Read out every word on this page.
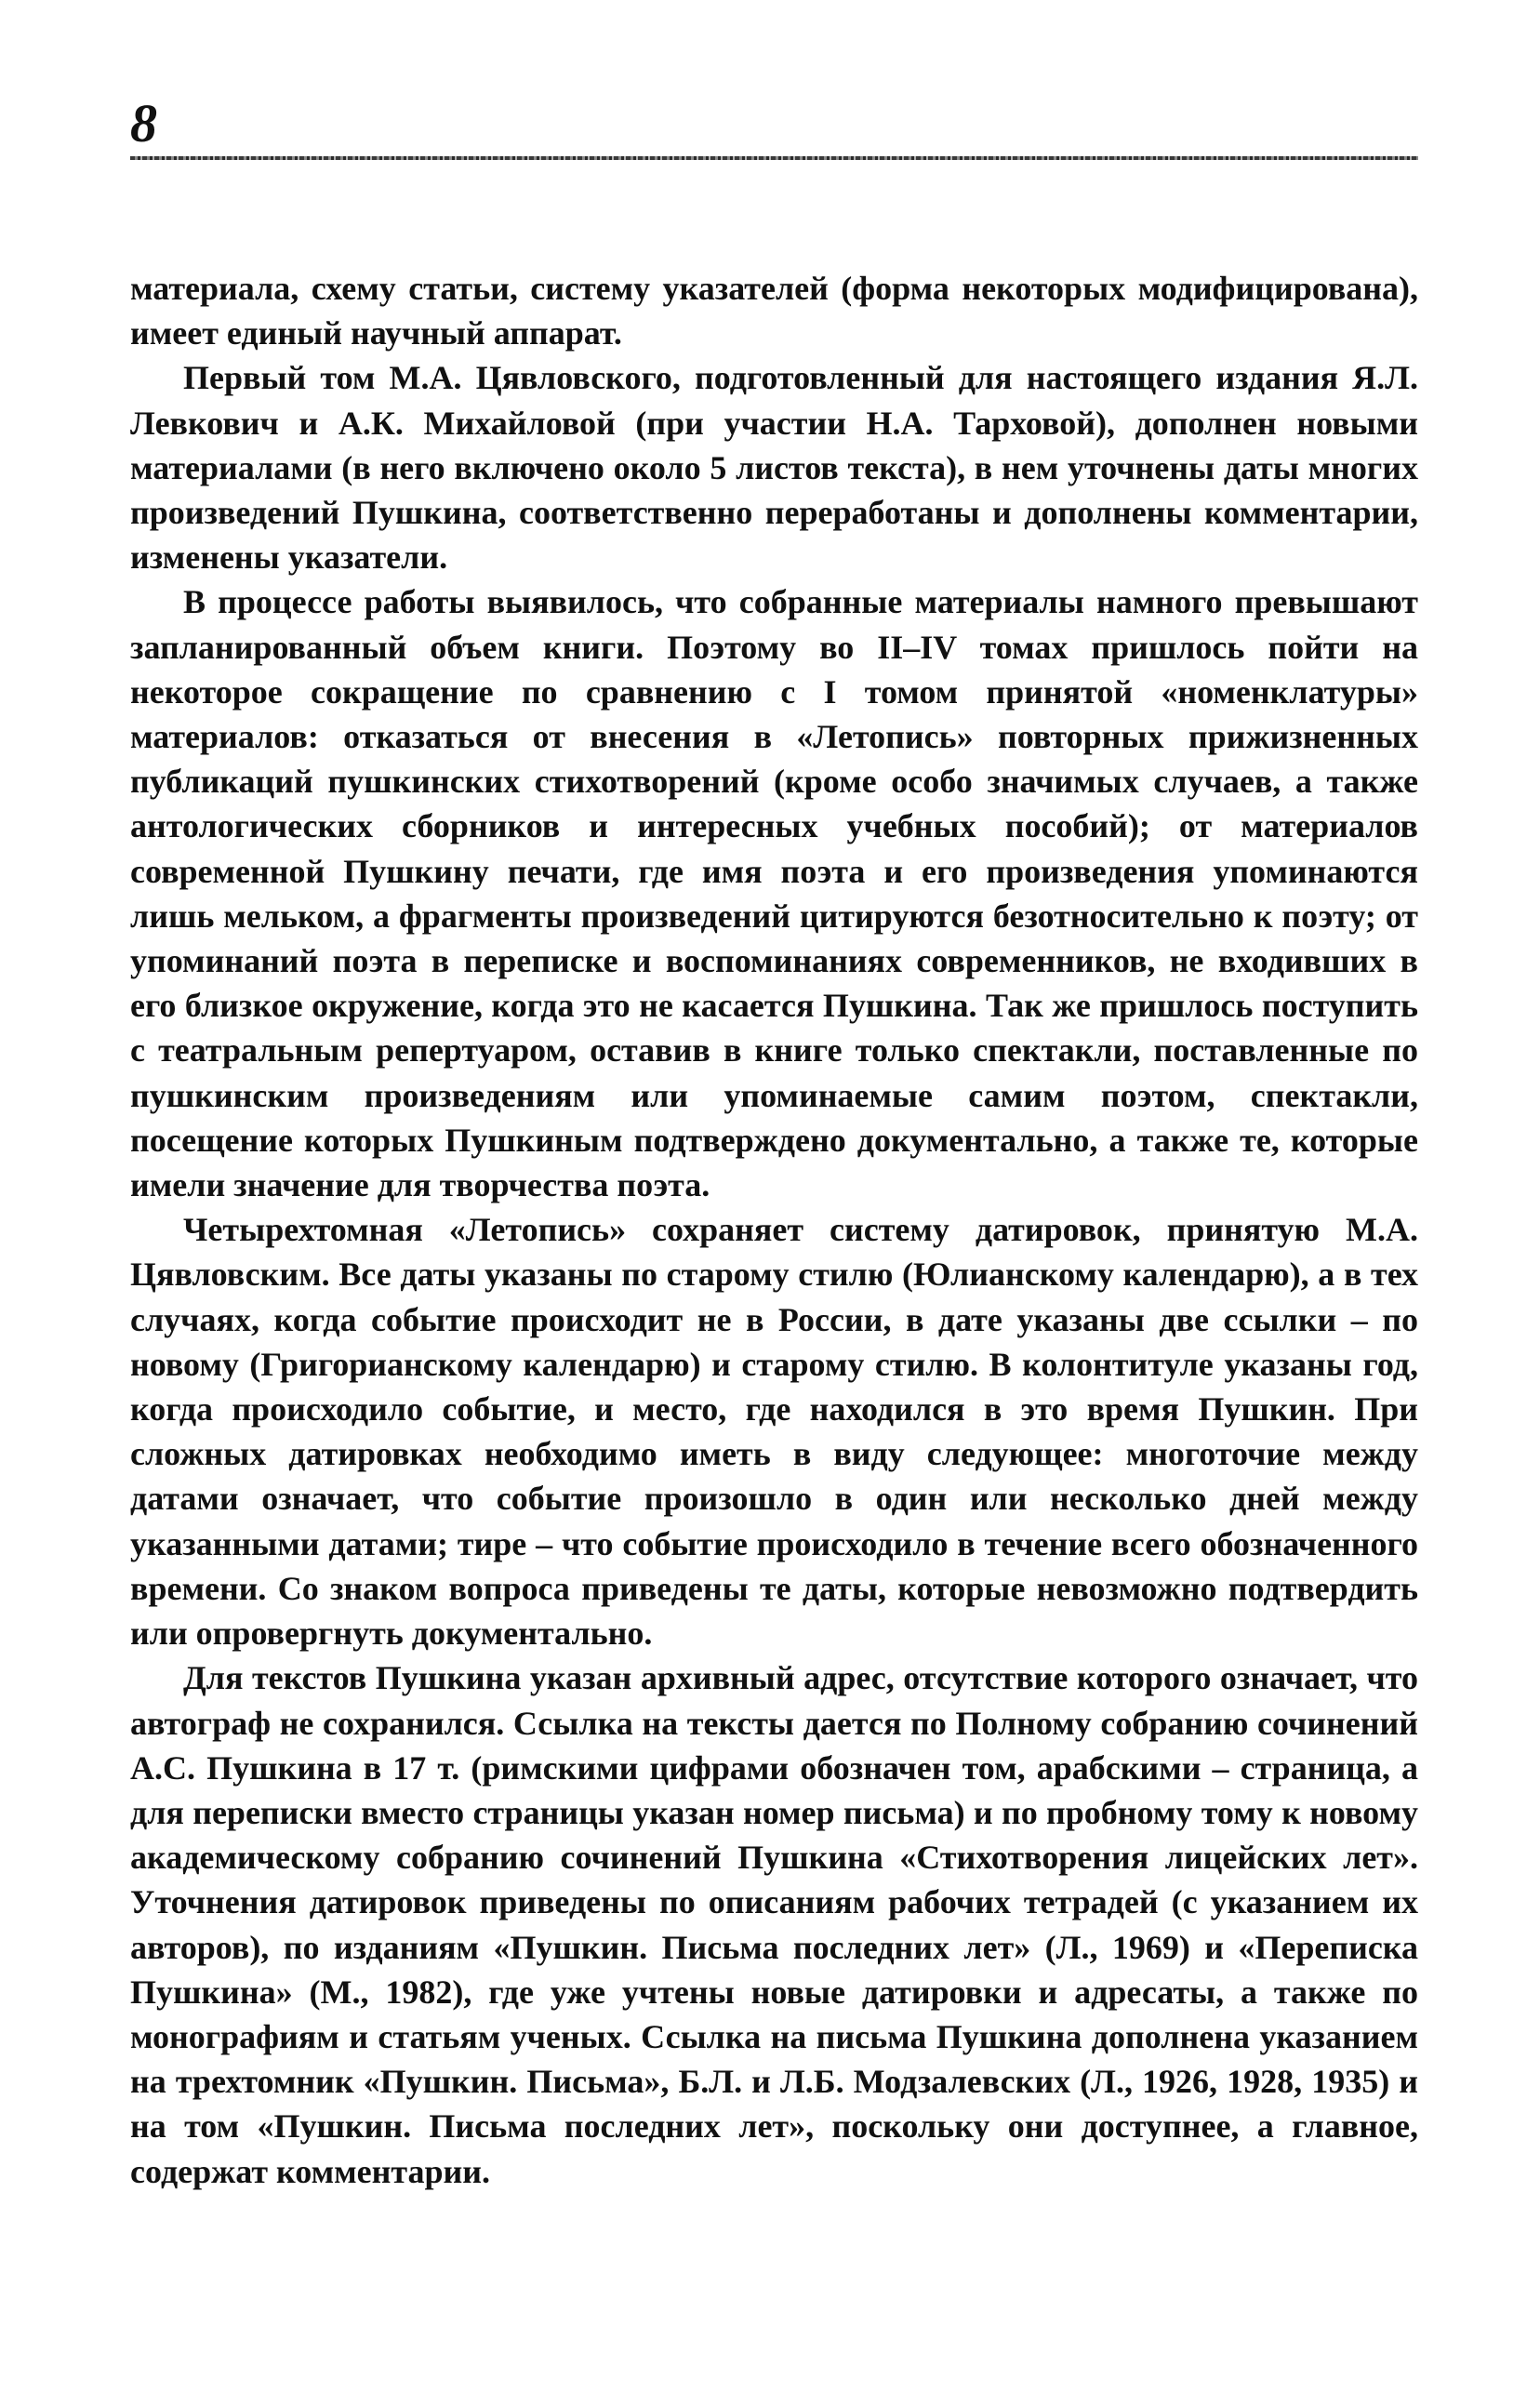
8

материала, схему статьи, систему указателей (форма некоторых модифицирована), имеет единый научный аппарат.

Первый том М.А. Цявловского, подготовленный для настоящего издания Я.Л. Левкович и А.К. Михайловой (при участии Н.А. Тарховой), дополнен новыми материалами (в него включено около 5 листов текста), в нем уточнены даты многих произведений Пушкина, соответственно переработаны и дополнены комментарии, изменены указатели.

В процессе работы выявилось, что собранные материалы намного превышают запланированный объем книги. Поэтому во II–IV томах пришлось пойти на некоторое сокращение по сравнению с I томом принятой «номенклатуры» материалов: отказаться от внесения в «Летопись» повторных прижизненных публикаций пушкинских стихотворений (кроме особо значимых случаев, а также антологических сборников и интересных учебных пособий); от материалов современной Пушкину печати, где имя поэта и его произведения упоминаются лишь мельком, а фрагменты произведений цитируются безотносительно к поэту; от упоминаний поэта в переписке и воспоминаниях современников, не входивших в его близкое окружение, когда это не касается Пушкина. Так же пришлось поступить с театральным репертуаром, оставив в книге только спектакли, поставленные по пушкинским произведениям или упоминаемые самим поэтом, спектакли, посещение которых Пушкиным подтверждено документально, а также те, которые имели значение для творчества поэта.

Четырехтомная «Летопись» сохраняет систему датировок, принятую М.А. Цявловским. Все даты указаны по старому стилю (Юлианскому календарю), а в тех случаях, когда событие происходит не в России, в дате указаны две ссылки – по новому (Григорианскому календарю) и старому стилю. В колонтитуле указаны год, когда происходило событие, и место, где находился в это время Пушкин. При сложных датировках необходимо иметь в виду следующее: многоточие между датами означает, что событие произошло в один или несколько дней между указанными датами; тире – что событие происходило в течение всего обозначенного времени. Со знаком вопроса приведены те даты, которые невозможно подтвердить или опровергнуть документально.

Для текстов Пушкина указан архивный адрес, отсутствие которого означает, что автограф не сохранился. Ссылка на тексты дается по Полному собранию сочинений А.С. Пушкина в 17 т. (римскими цифрами обозначен том, арабскими – страница, а для переписки вместо страницы указан номер письма) и по пробному тому к новому академическому собранию сочинений Пушкина «Стихотворения лицейских лет». Уточнения датировок приведены по описаниям рабочих тетрадей (с указанием их авторов), по изданиям «Пушкин. Письма последних лет» (Л., 1969) и «Переписка Пушкина» (М., 1982), где уже учтены новые датировки и адресаты, а также по монографиям и статьям ученых. Ссылка на письма Пушкина дополнена указанием на трехтомник «Пушкин. Письма», Б.Л. и Л.Б. Модзалевских (Л., 1926, 1928, 1935) и на том «Пушкин. Письма последних лет», поскольку они доступнее, а главное, содержат комментарии.
